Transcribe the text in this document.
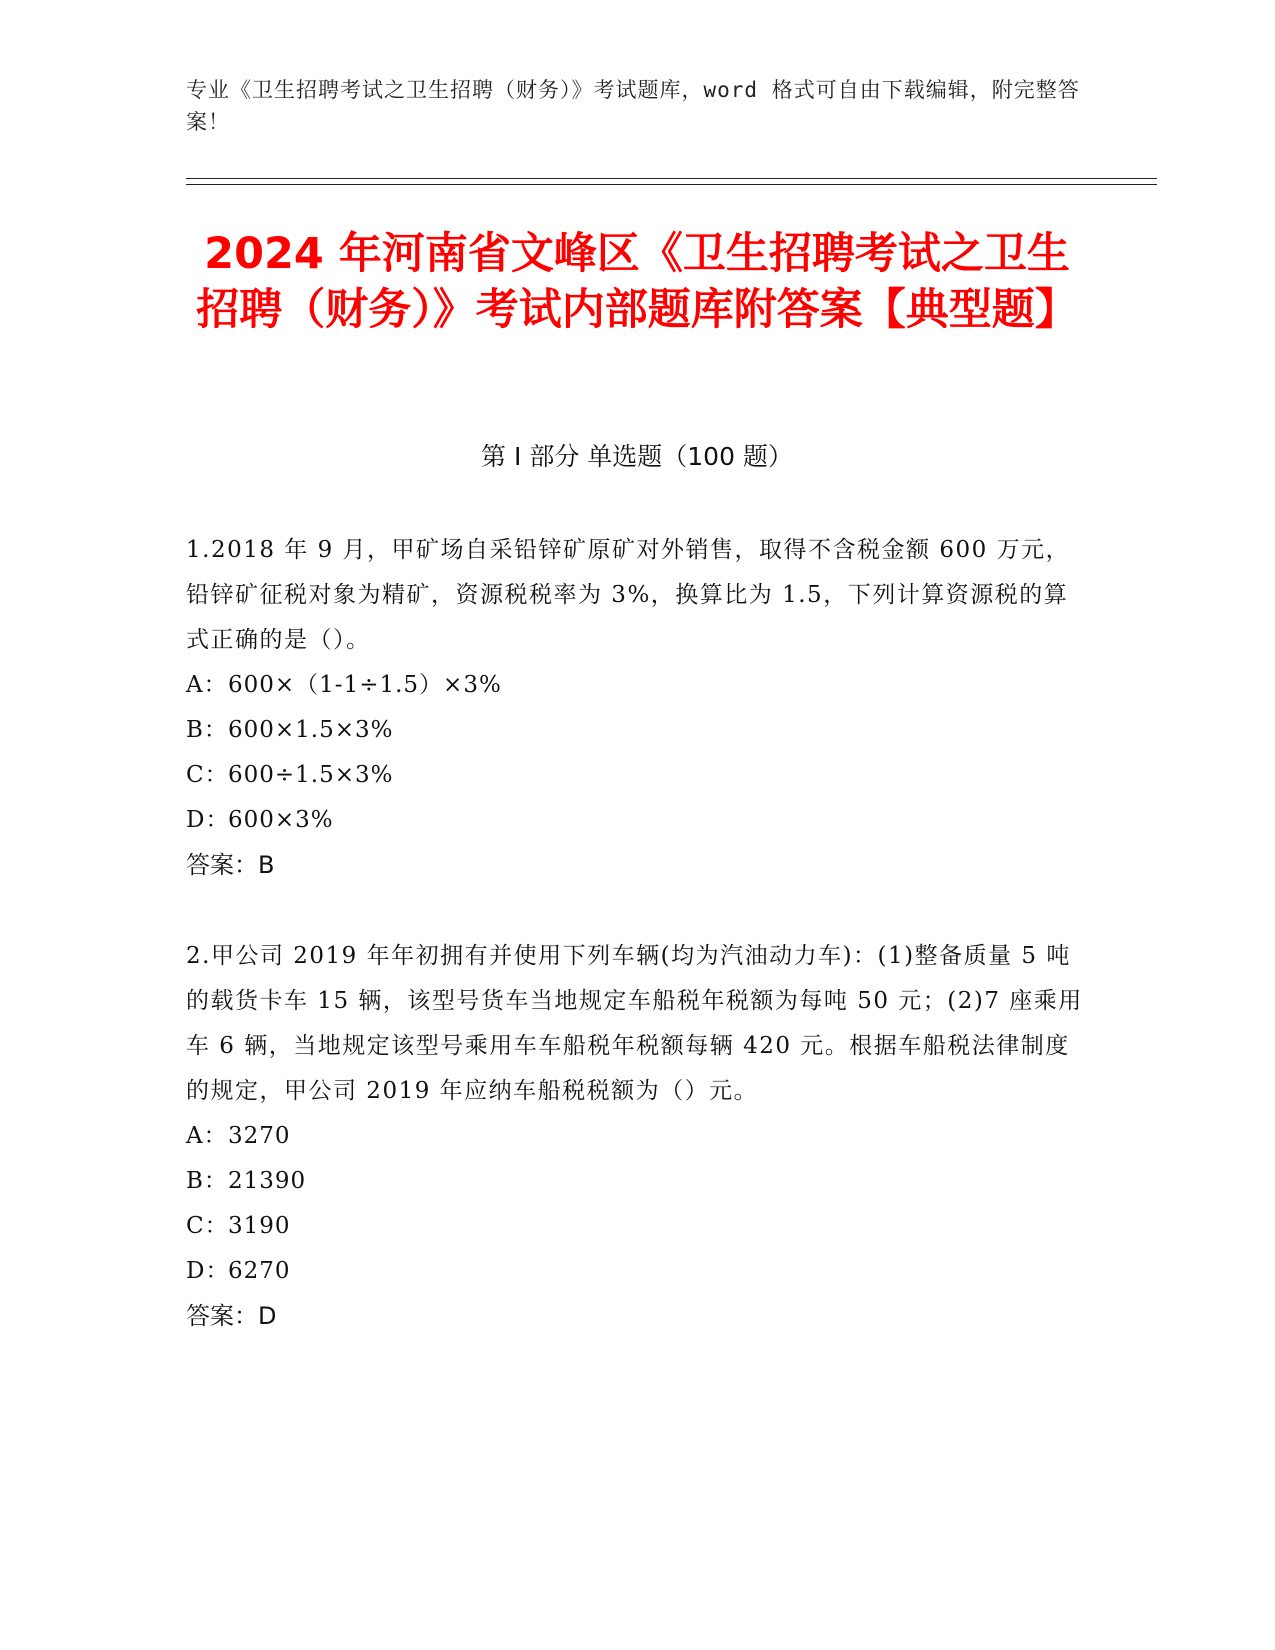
专业《卫生招聘考试之卫生招聘（财务）》考试题库，word 格式可自由下载编辑，附完整答案！
2024 年河南省文峰区《卫生招聘考试之卫生招聘（财务）》考试内部题库附答案【典型题】
第 I 部分 单选题（100 题）

1.2018 年 9 月，甲矿场自采铅锌矿原矿对外销售，取得不含税金额 600 万元，铅锌矿征税对象为精矿，资源税税率为 3%，换算比为 1.5，下列计算资源税的算式正确的是（）。

A： 600×（1-1÷1.5）×3%

B： 600×1.5×3%

C： 600÷1.5×3%

D：
600×3%

答案：B

2.甲公司 2019 年年初拥有并使用下列车辆(均为汽油动力车)：(1)整备质量 5 吨的载货卡车 15 辆，该型号货车当地规定车船税年税额为每吨 50 元；(2)7 座乘用车 6 辆，当地规定该型号乘用车车船税年税额每辆 420 元。根据车船税法律制度的规定，甲公司 2019 年应纳车船税税额为（）元。

A： 3270

B： 21390

C： 3190

D：
6270

答案：D
